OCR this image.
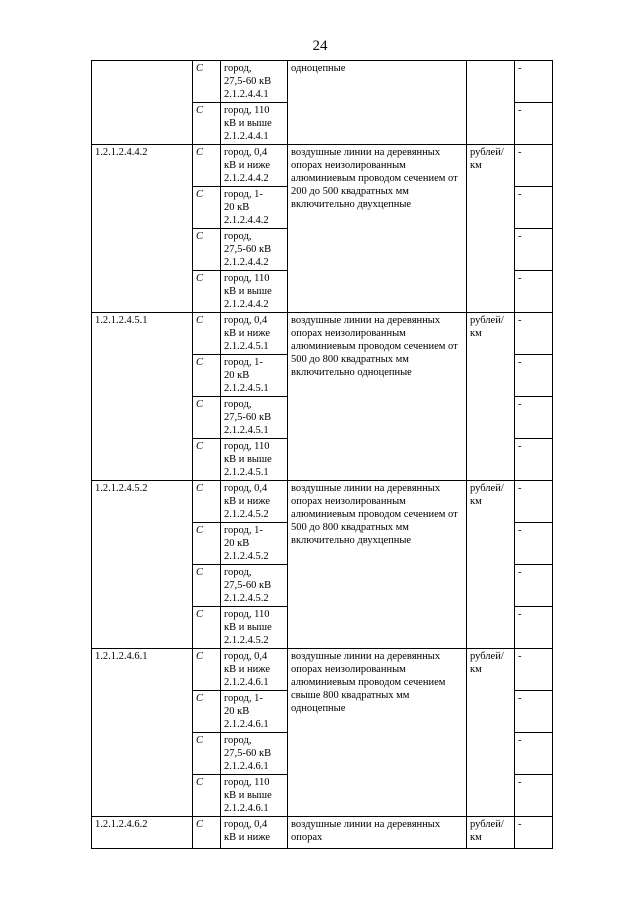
24
	С	город,
27,5-60 кВ
2.1.2.4.4.1	одноцепные		-
	С	город, 110
кВ и выше
2.1.2.4.4.1			-
1.2.1.2.4.4.2	С	город, 0,4
кВ и ниже
2.1.2.4.4.2	воздушные линии на деревянных опорах неизолированным алюминиевым проводом сечением от 200 до 500 квадратных мм включительно двухцепные	рублей/ км	-
	С	город, 1-
20 кВ
2.1.2.4.4.2			-
	С	город,
27,5-60 кВ
2.1.2.4.4.2			-
	С	город, 110
кВ и выше
2.1.2.4.4.2			-
1.2.1.2.4.5.1	С	город, 0,4
кВ и ниже
2.1.2.4.5.1	воздушные линии на деревянных опорах неизолированным алюминиевым проводом сечением от 500 до 800 квадратных мм включительно одноцепные	рублей/ км	-
	С	город, 1-
20 кВ
2.1.2.4.5.1			-
	С	город,
27,5-60 кВ
2.1.2.4.5.1			-
	С	город, 110
кВ и выше
2.1.2.4.5.1			-
1.2.1.2.4.5.2	С	город, 0,4
кВ и ниже
2.1.2.4.5.2	воздушные линии на деревянных опорах неизолированным алюминиевым проводом сечением от 500 до 800 квадратных мм включительно двухцепные	рублей/ км	-
	С	город, 1-
20 кВ
2.1.2.4.5.2			-
	С	город,
27,5-60 кВ
2.1.2.4.5.2			-
	С	город, 110
кВ и выше
2.1.2.4.5.2			-
1.2.1.2.4.6.1	С	город, 0,4
кВ и ниже
2.1.2.4.6.1	воздушные линии на деревянных опорах неизолированным алюминиевым проводом сечением свыше 800 квадратных мм одноцепные	рублей/ км	-
	С	город, 1-
20 кВ
2.1.2.4.6.1			-
	С	город,
27,5-60 кВ
2.1.2.4.6.1			-
	С	город, 110
кВ и выше
2.1.2.4.6.1			-
1.2.1.2.4.6.2	С	город, 0,4
кВ и ниже	воздушные линии на деревянных опорах	рублей/ км	-
